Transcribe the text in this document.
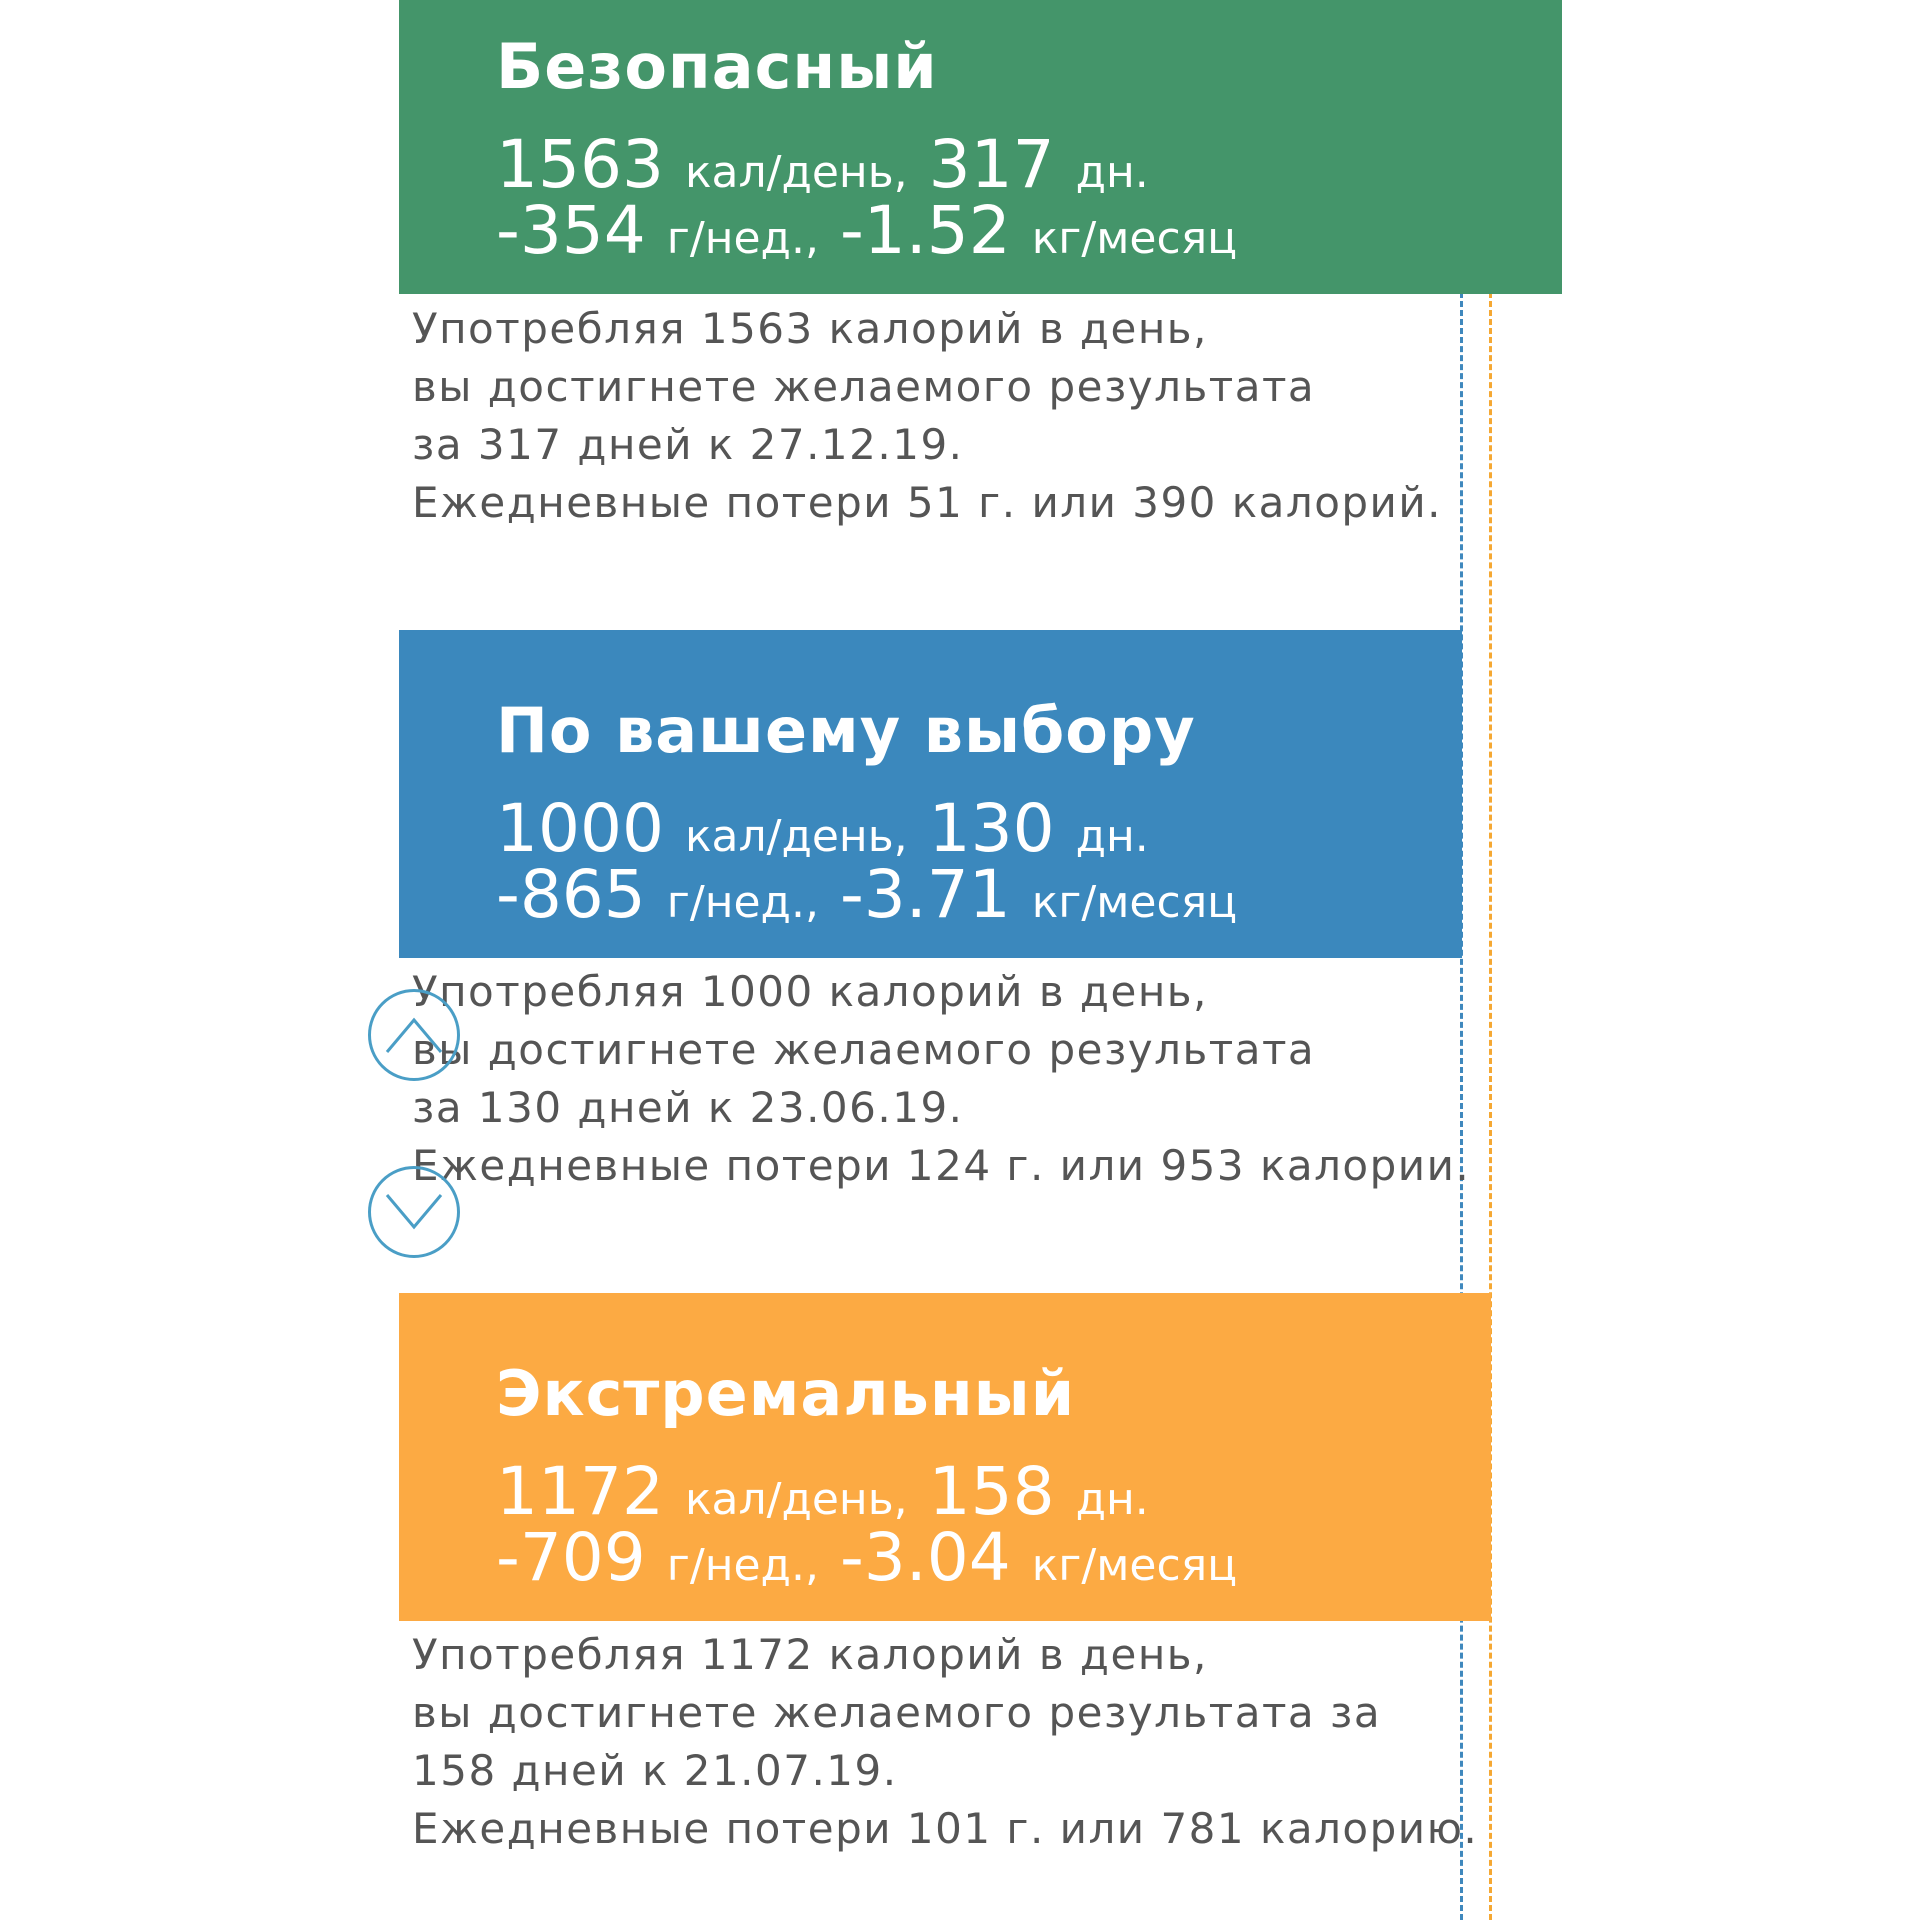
Безопасный
1563 кал/день, 317 дн.
-354 г/нед., -1.52 кг/месяц
Употребляя 1563 калорий в день,
вы достигнете желаемого результата
за 317 дней к 27.12.19.
Ежедневные потери 51 г. или 390 калорий.
По вашему выбору
1000 кал/день, 130 дн.
-865 г/нед., -3.71 кг/месяц
Употребляя 1000 калорий в день,
вы достигнете желаемого результата
за 130 дней к 23.06.19.
Ежедневные потери 124 г. или 953 калории.
Экстремальный
1172 кал/день, 158 дн.
-709 г/нед., -3.04 кг/месяц
Употребляя 1172 калорий в день,
вы достигнете желаемого результата за
158 дней к 21.07.19.
Ежедневные потери 101 г. или 781 калорию.
